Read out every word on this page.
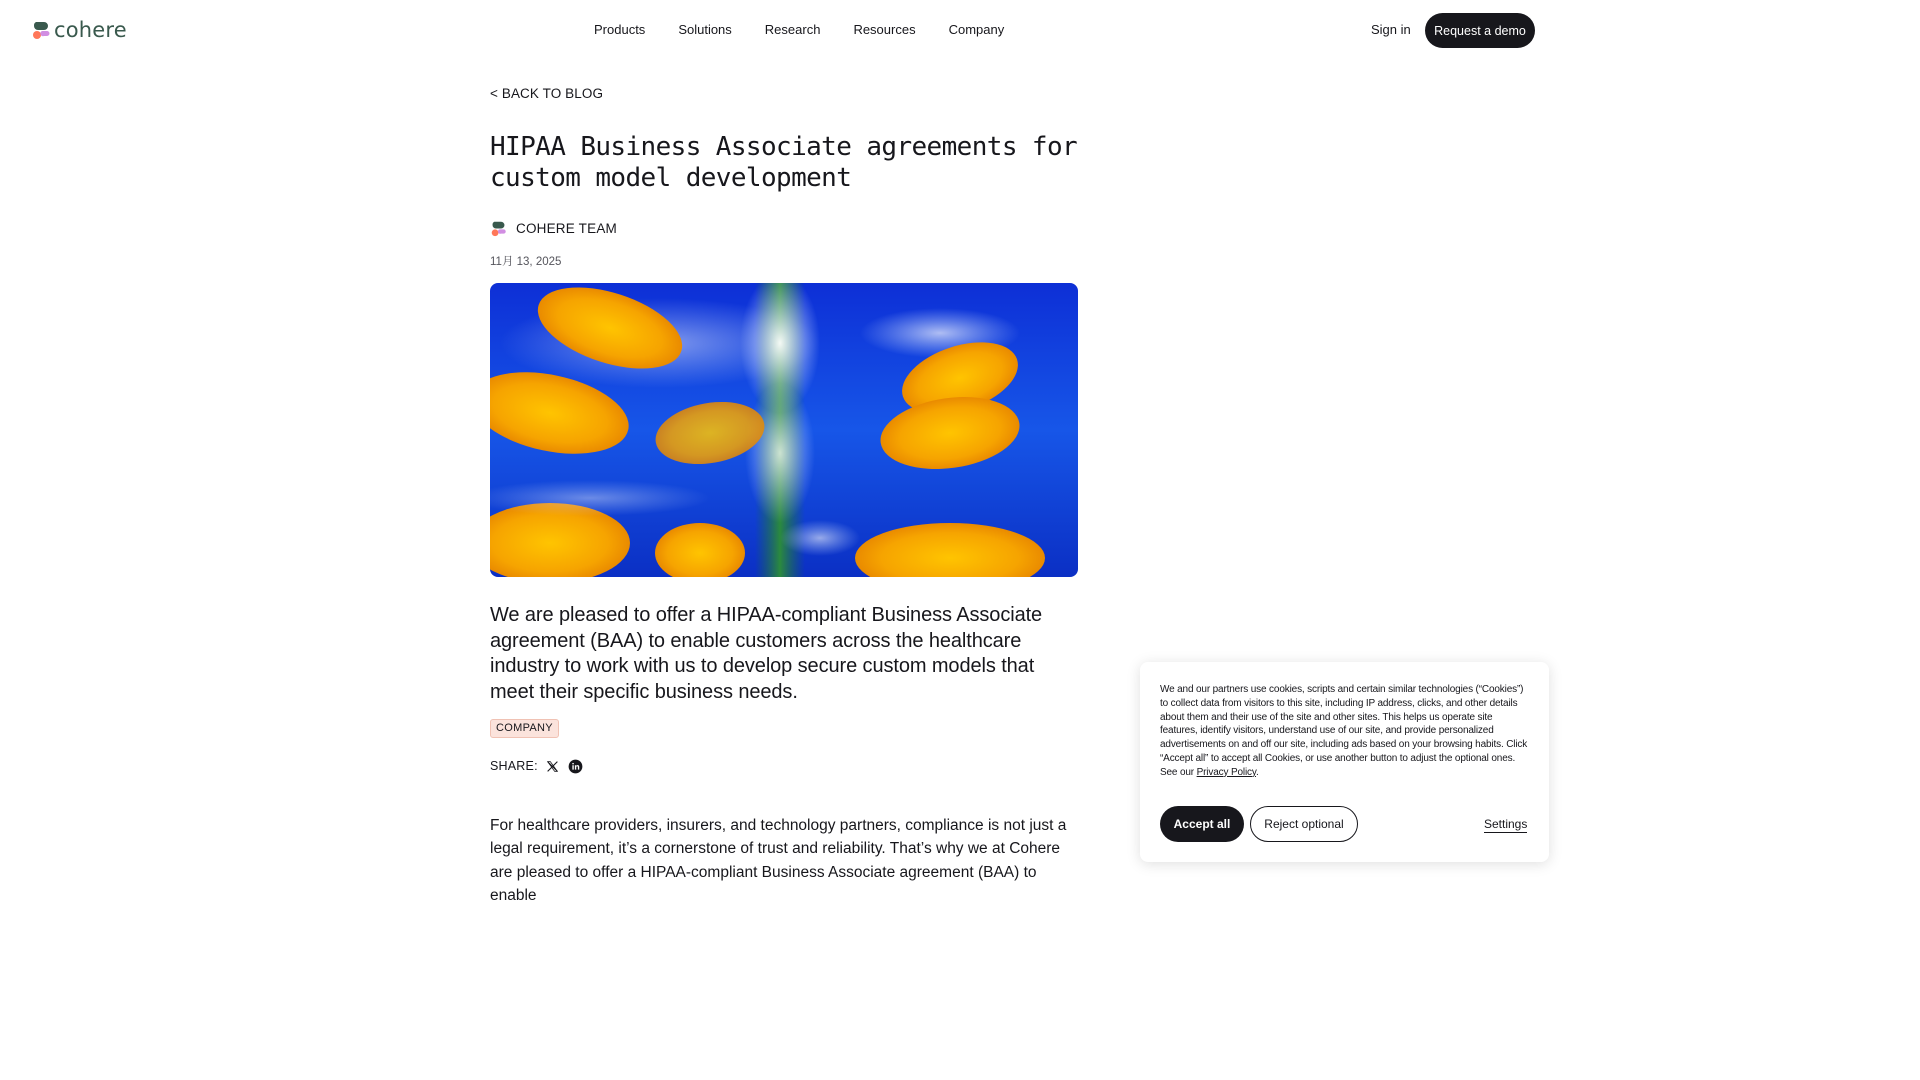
cohere	Products	Solutions	Research	Resources	Company	Sign in	Request a demo
< BACK TO BLOG
HIPAA Business Associate agreements for custom model development
COHERE TEAM
11月 13, 2025

We are pleased to offer a HIPAA-compliant Business Associate agreement (BAA) to enable customers across the healthcare industry to work with us to develop secure custom models that meet their specific business needs.

COMPANY
SHARE:

For healthcare providers, insurers, and technology partners, compliance is not just a legal requirement, it’s a cornerstone of trust and reliability. That’s why we at Cohere are pleased to offer a HIPAA-compliant Business Associate agreement (BAA) to enable

We and our partners use cookies, scripts and certain similar technologies (“Cookies”) to collect data from visitors to this site, including IP address, clicks, and other details about them and their use of the site and other sites. This helps us operate site features, identify visitors, understand use of our site, and provide personalized advertisements on and off our site, including ads based on your browsing habits. Click “Accept all” to accept all Cookies, or use another button to adjust the optional ones. See our Privacy Policy.

Accept all	Reject optional	Settings
